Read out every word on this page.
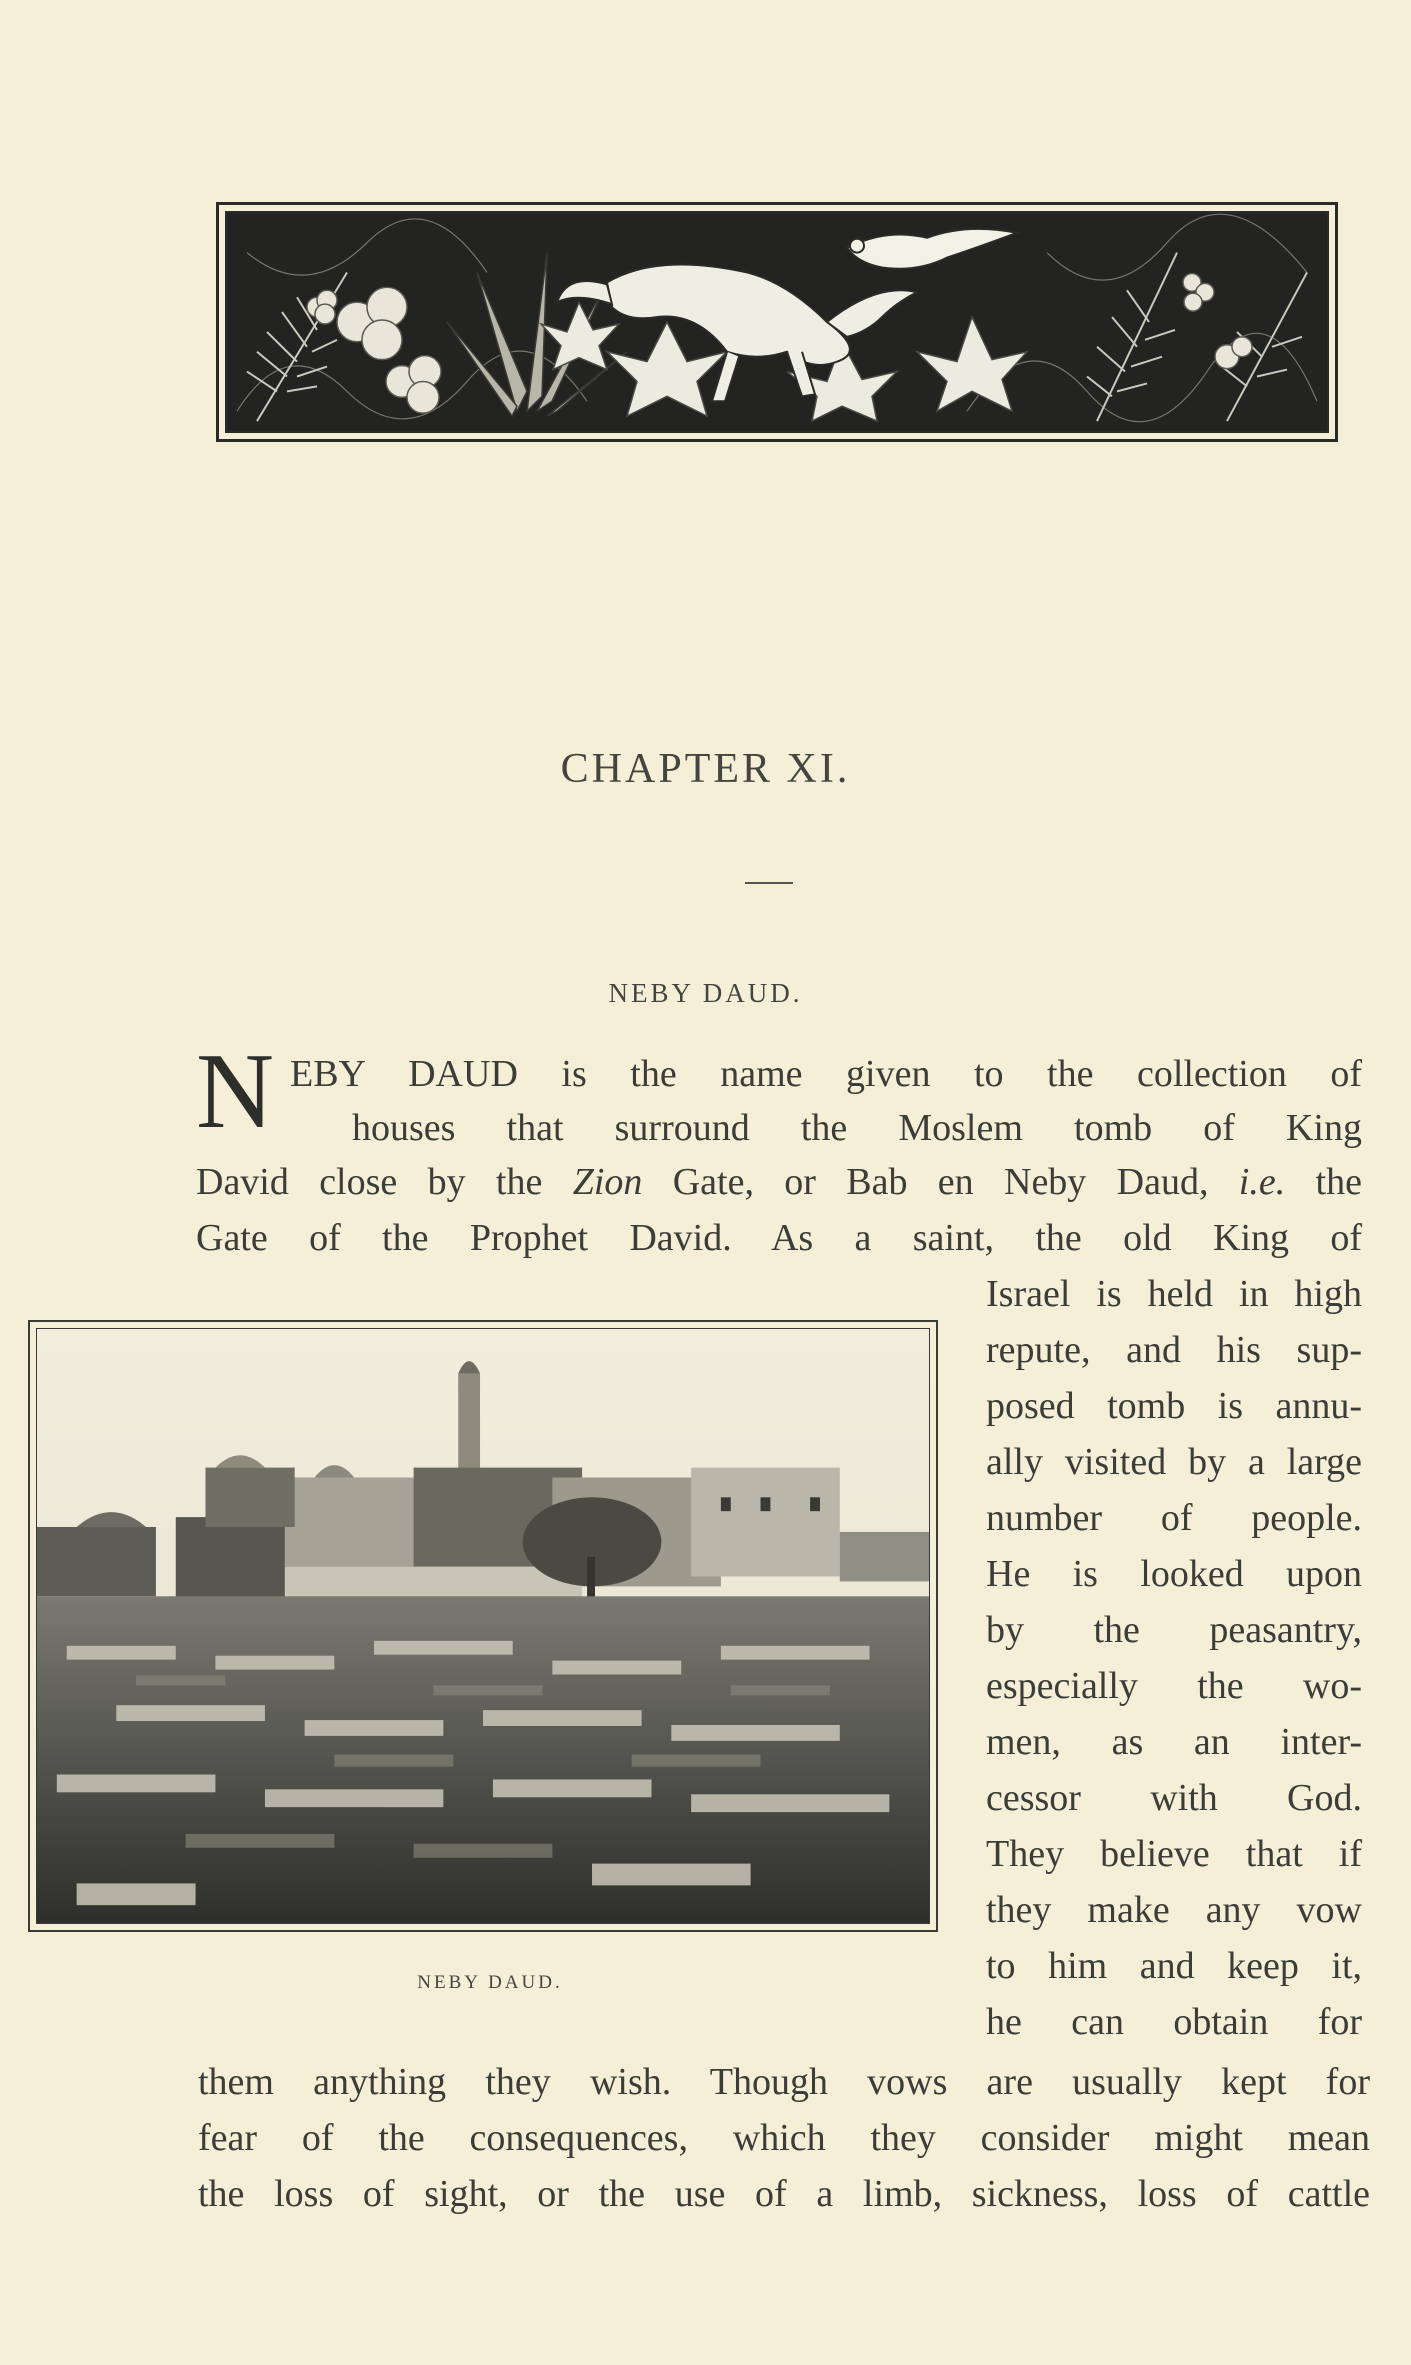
CHAPTER XI.
NEBY DAUD.
N EBY DAUD is the name given to the collection of
houses that surround the Moslem tomb of King
David close by the Zion Gate, or Bab en Neby Daud, i.e. the
Gate of the Prophet David. As a saint, the old King of
Israel is held in high
repute, and his sup-
posed tomb is annu-
ally visited by a large
number of people.
He is looked upon
by the peasantry,
especially the wo-
men, as an inter-
cessor with God.
They believe that if
they make any vow
to him and keep it,
he can obtain for
them anything they wish. Though vows are usually kept for
fear of the consequences, which they consider might mean
the loss of sight, or the use of a limb, sickness, loss of cattle
NEBY DAUD.
